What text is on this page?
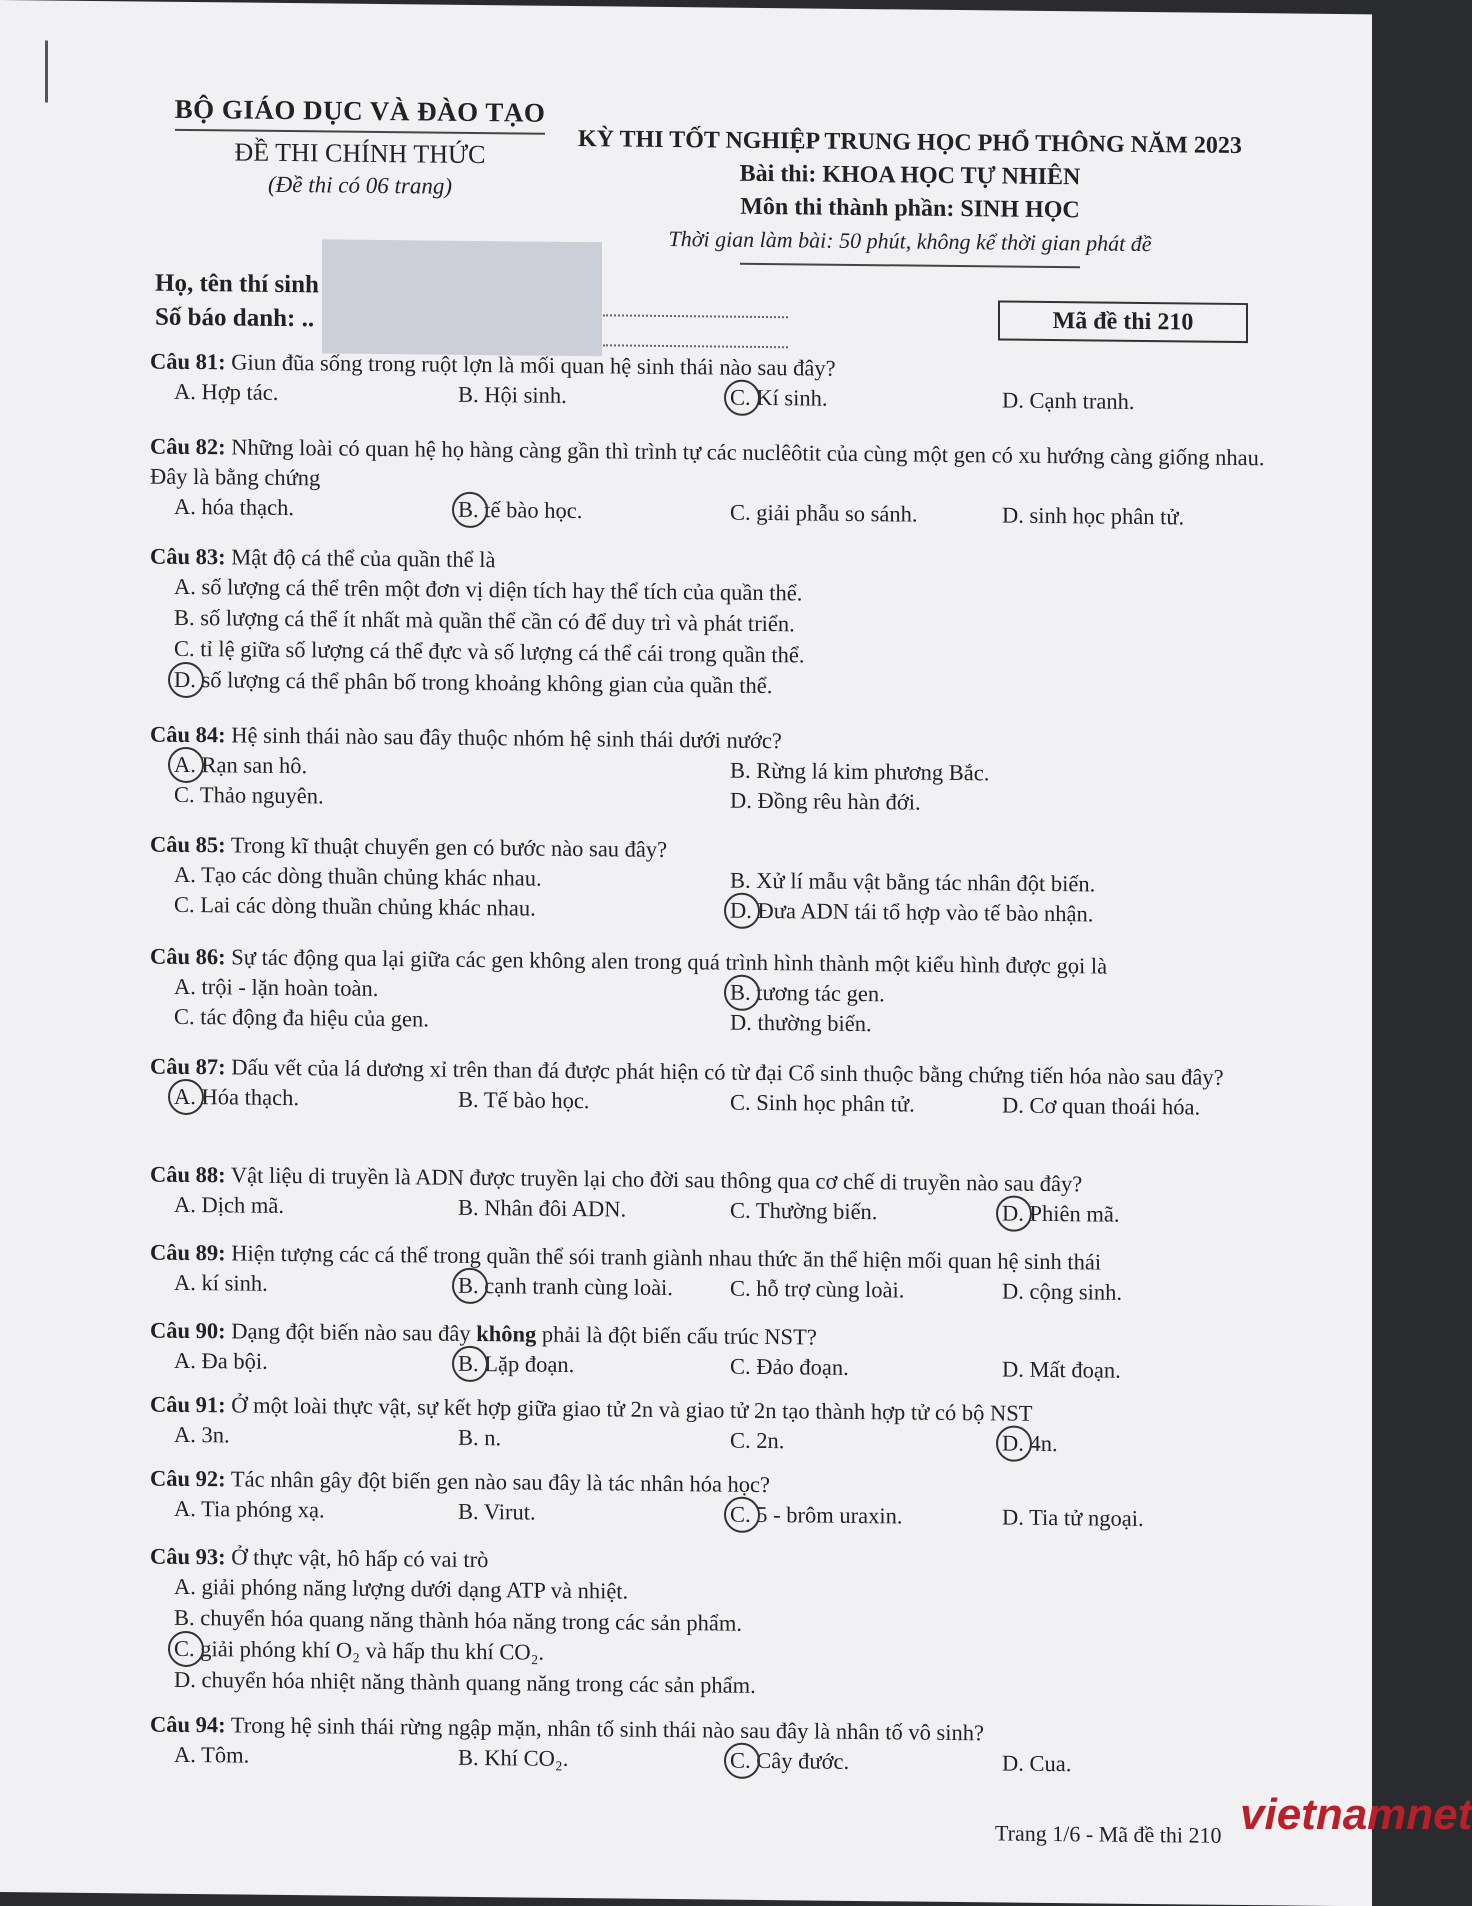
BỘ GIÁO DỤC VÀ ĐÀO TẠO
ĐỀ THI CHÍNH THỨC
(Đề thi có 06 trang)
KỲ THI TỐT NGHIỆP TRUNG HỌC PHỔ THÔNG NĂM 2023
Bài thi: KHOA HỌC TỰ NHIÊN
Môn thi thành phần: SINH HỌC
Thời gian làm bài: 50 phút, không kể thời gian phát đề
Họ, tên thí sinh
Số báo danh: ..	Mã đề thi 210

Câu 81: Giun đũa sống trong ruột lợn là mối quan hệ sinh thái nào sau đây?

A. Hợp tác.	B. Hội sinh.	C. Kí sinh.	D. Cạnh tranh.

Câu 82: Những loài có quan hệ họ hàng càng gần thì trình tự các nuclêôtit của cùng một gen có xu hướng càng giống nhau. Đây là bằng chứng

A. hóa thạch.	B. tế bào học.	C. giải phẫu so sánh.	D. sinh học phân tử.

Câu 83: Mật độ cá thể của quần thể là

A. số lượng cá thể trên một đơn vị diện tích hay thể tích của quần thể.
B. số lượng cá thể ít nhất mà quần thể cần có để duy trì và phát triển.
C. tỉ lệ giữa số lượng cá thể đực và số lượng cá thể cái trong quần thể.
D. số lượng cá thể phân bố trong khoảng không gian của quần thể.

Câu 84: Hệ sinh thái nào sau đây thuộc nhóm hệ sinh thái dưới nước?

A. Rạn san hô.	B. Rừng lá kim phương Bắc.
C. Thảo nguyên.	D. Đồng rêu hàn đới.

Câu 85: Trong kĩ thuật chuyển gen có bước nào sau đây?

A. Tạo các dòng thuần chủng khác nhau.	B. Xử lí mẫu vật bằng tác nhân đột biến.
C. Lai các dòng thuần chủng khác nhau.	D. Đưa ADN tái tổ hợp vào tế bào nhận.

Câu 86: Sự tác động qua lại giữa các gen không alen trong quá trình hình thành một kiểu hình được gọi là

A. trội - lặn hoàn toàn.	B. tương tác gen.
C. tác động đa hiệu của gen.	D. thường biến.

Câu 87: Dấu vết của lá dương xỉ trên than đá được phát hiện có từ đại Cổ sinh thuộc bằng chứng tiến hóa nào sau đây?

A. Hóa thạch.	B. Tế bào học.	C. Sinh học phân tử.	D. Cơ quan thoái hóa.

Câu 88: Vật liệu di truyền là ADN được truyền lại cho đời sau thông qua cơ chế di truyền nào sau đây?

A. Dịch mã.	B. Nhân đôi ADN.	C. Thường biến.	D. Phiên mã.

Câu 89: Hiện tượng các cá thể trong quần thể sói tranh giành nhau thức ăn thể hiện mối quan hệ sinh thái

A. kí sinh.	B. cạnh tranh cùng loài.	C. hỗ trợ cùng loài.	D. cộng sinh.

Câu 90: Dạng đột biến nào sau đây không phải là đột biến cấu trúc NST?

A. Đa bội.	B. Lặp đoạn.	C. Đảo đoạn.	D. Mất đoạn.

Câu 91: Ở một loài thực vật, sự kết hợp giữa giao tử 2n và giao tử 2n tạo thành hợp tử có bộ NST

A. 3n.	B. n.	C. 2n.	D. 4n.

Câu 92: Tác nhân gây đột biến gen nào sau đây là tác nhân hóa học?

A. Tia phóng xạ.	B. Virut.	C. 5 - brôm uraxin.	D. Tia tử ngoại.

Câu 93: Ở thực vật, hô hấp có vai trò

A. giải phóng năng lượng dưới dạng ATP và nhiệt.
B. chuyển hóa quang năng thành hóa năng trong các sản phẩm.
C. giải phóng khí O₂ và hấp thu khí CO₂.
D. chuyển hóa nhiệt năng thành quang năng trong các sản phẩm.

Câu 94: Trong hệ sinh thái rừng ngập mặn, nhân tố sinh thái nào sau đây là nhân tố vô sinh?

A. Tôm.	B. Khí CO₂.	C. Cây đước.	D. Cua.
Trang 1/6 - Mã đề thi 210 vietnamnet
